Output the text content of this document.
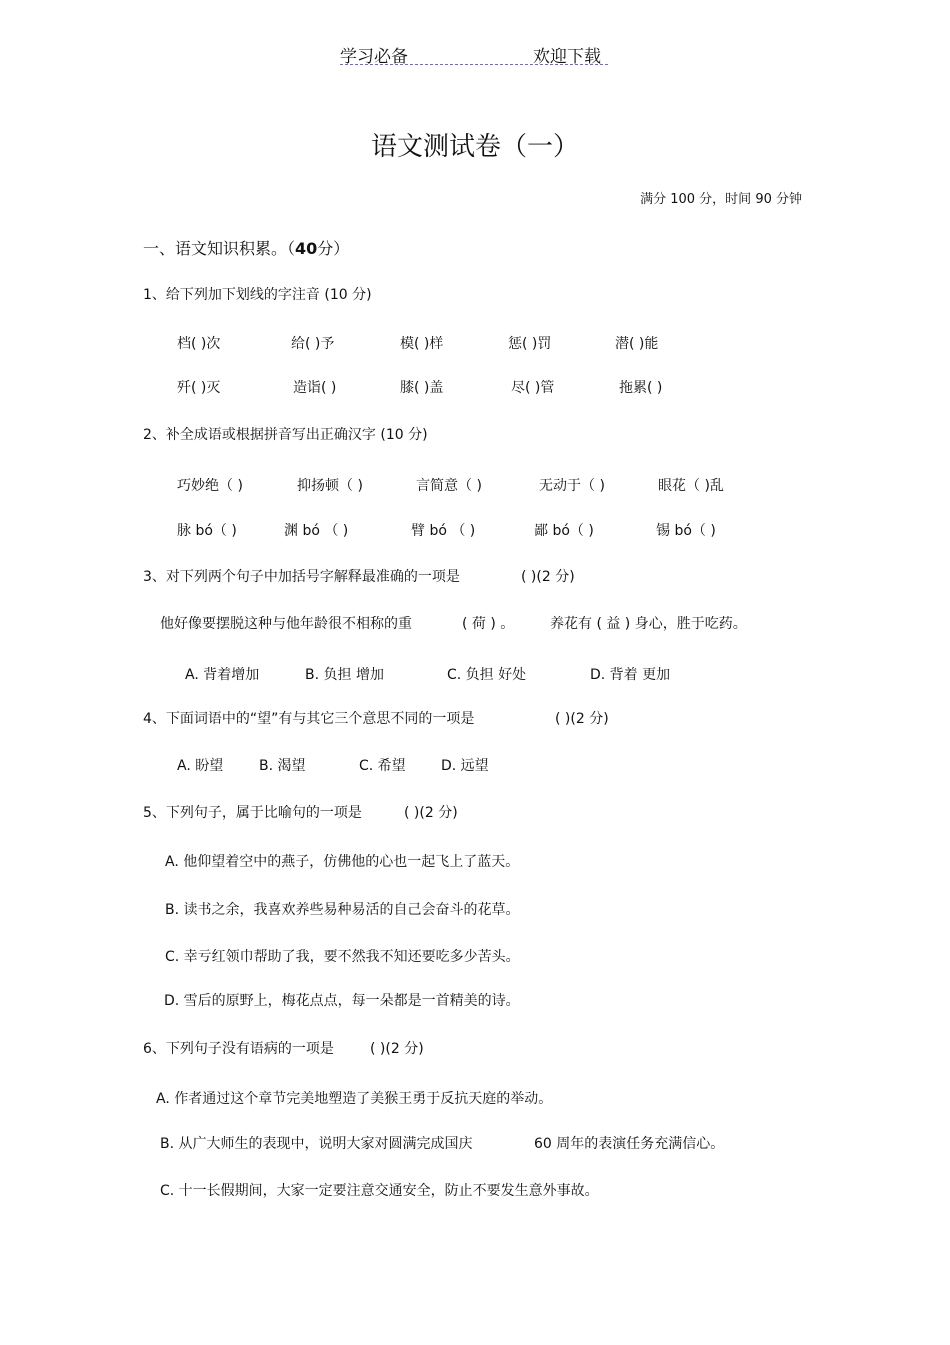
学习必备	欢迎下载
语文测试卷（一）
满分 100 分，时间 90 分钟
一、语文知识积累。（40分）
1、给下列加下划线的字注音 (10 分)
档( )次	给( )予	模( )样	惩( )罚	潜( )能
歼( )灭	造诣( )	膝( )盖	尽( )管	拖累( )
2、补全成语或根据拼音写出正确汉字 (10 分)
巧妙绝（ )	抑扬顿（ )	言简意（ )	无动于（ )	眼花（ )乱
脉 bó（ )	渊 bó （ )	臂 bó （ )	鄙 bó（ )	锡 bó（ )
3、对下列两个句子中加括号字解释最准确的一项是	( )(2 分)
他好像要摆脱这种与他年龄很不相称的重	( 荷 ) 。	养花有 ( 益 ) 身心，胜于吃药。
A. 背着增加	B. 负担 增加	C. 负担 好处	D. 背着 更加
4、下面词语中的“望”有与其它三个意思不同的一项是	( )(2 分)
A. 盼望	B. 渴望	C. 希望	D. 远望
5、下列句子，属于比喻句的一项是	( )(2 分)
A. 他仰望着空中的燕子，仿佛他的心也一起飞上了蓝天。
B. 读书之余，我喜欢养些易种易活的自己会奋斗的花草。
C. 幸亏红领巾帮助了我，要不然我不知还要吃多少苦头。
D. 雪后的原野上，梅花点点，每一朵都是一首精美的诗。
6、下列句子没有语病的一项是	( )(2 分)
A. 作者通过这个章节完美地塑造了美猴王勇于反抗天庭的举动。
B. 从广大师生的表现中，说明大家对圆满完成国庆	60 周年的表演任务充满信心。
C. 十一长假期间，大家一定要注意交通安全，防止不要发生意外事故。
